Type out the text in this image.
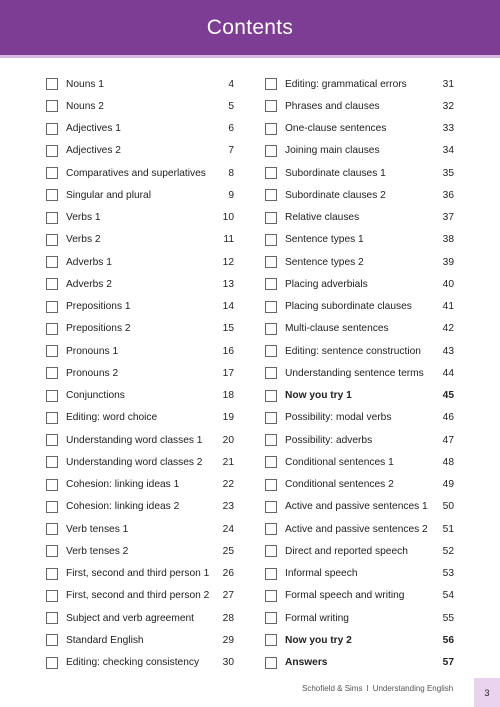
Contents
Nouns 1	4
Nouns 2	5
Adjectives 1	6
Adjectives 2	7
Comparatives and superlatives	8
Singular and plural	9
Verbs 1	10
Verbs 2	11
Adverbs 1	12
Adverbs 2	13
Prepositions 1	14
Prepositions 2	15
Pronouns 1	16
Pronouns 2	17
Conjunctions	18
Editing: word choice	19
Understanding word classes 1	20
Understanding word classes 2	21
Cohesion: linking ideas 1	22
Cohesion: linking ideas 2	23
Verb tenses 1	24
Verb tenses 2	25
First, second and third person 1	26
First, second and third person 2	27
Subject and verb agreement	28
Standard English	29
Editing: checking consistency	30
Editing: grammatical errors	31
Phrases and clauses	32
One-clause sentences	33
Joining main clauses	34
Subordinate clauses 1	35
Subordinate clauses 2	36
Relative clauses	37
Sentence types 1	38
Sentence types 2	39
Placing adverbials	40
Placing subordinate clauses	41
Multi-clause sentences	42
Editing: sentence construction	43
Understanding sentence terms	44
Now you try 1	45
Possibility: modal verbs	46
Possibility: adverbs	47
Conditional sentences 1	48
Conditional sentences 2	49
Active and passive sentences 1	50
Active and passive sentences 2	51
Direct and reported speech	52
Informal speech	53
Formal speech and writing	54
Formal writing	55
Now you try 2	56
Answers	57
Schofield & Sims I Understanding English	3
